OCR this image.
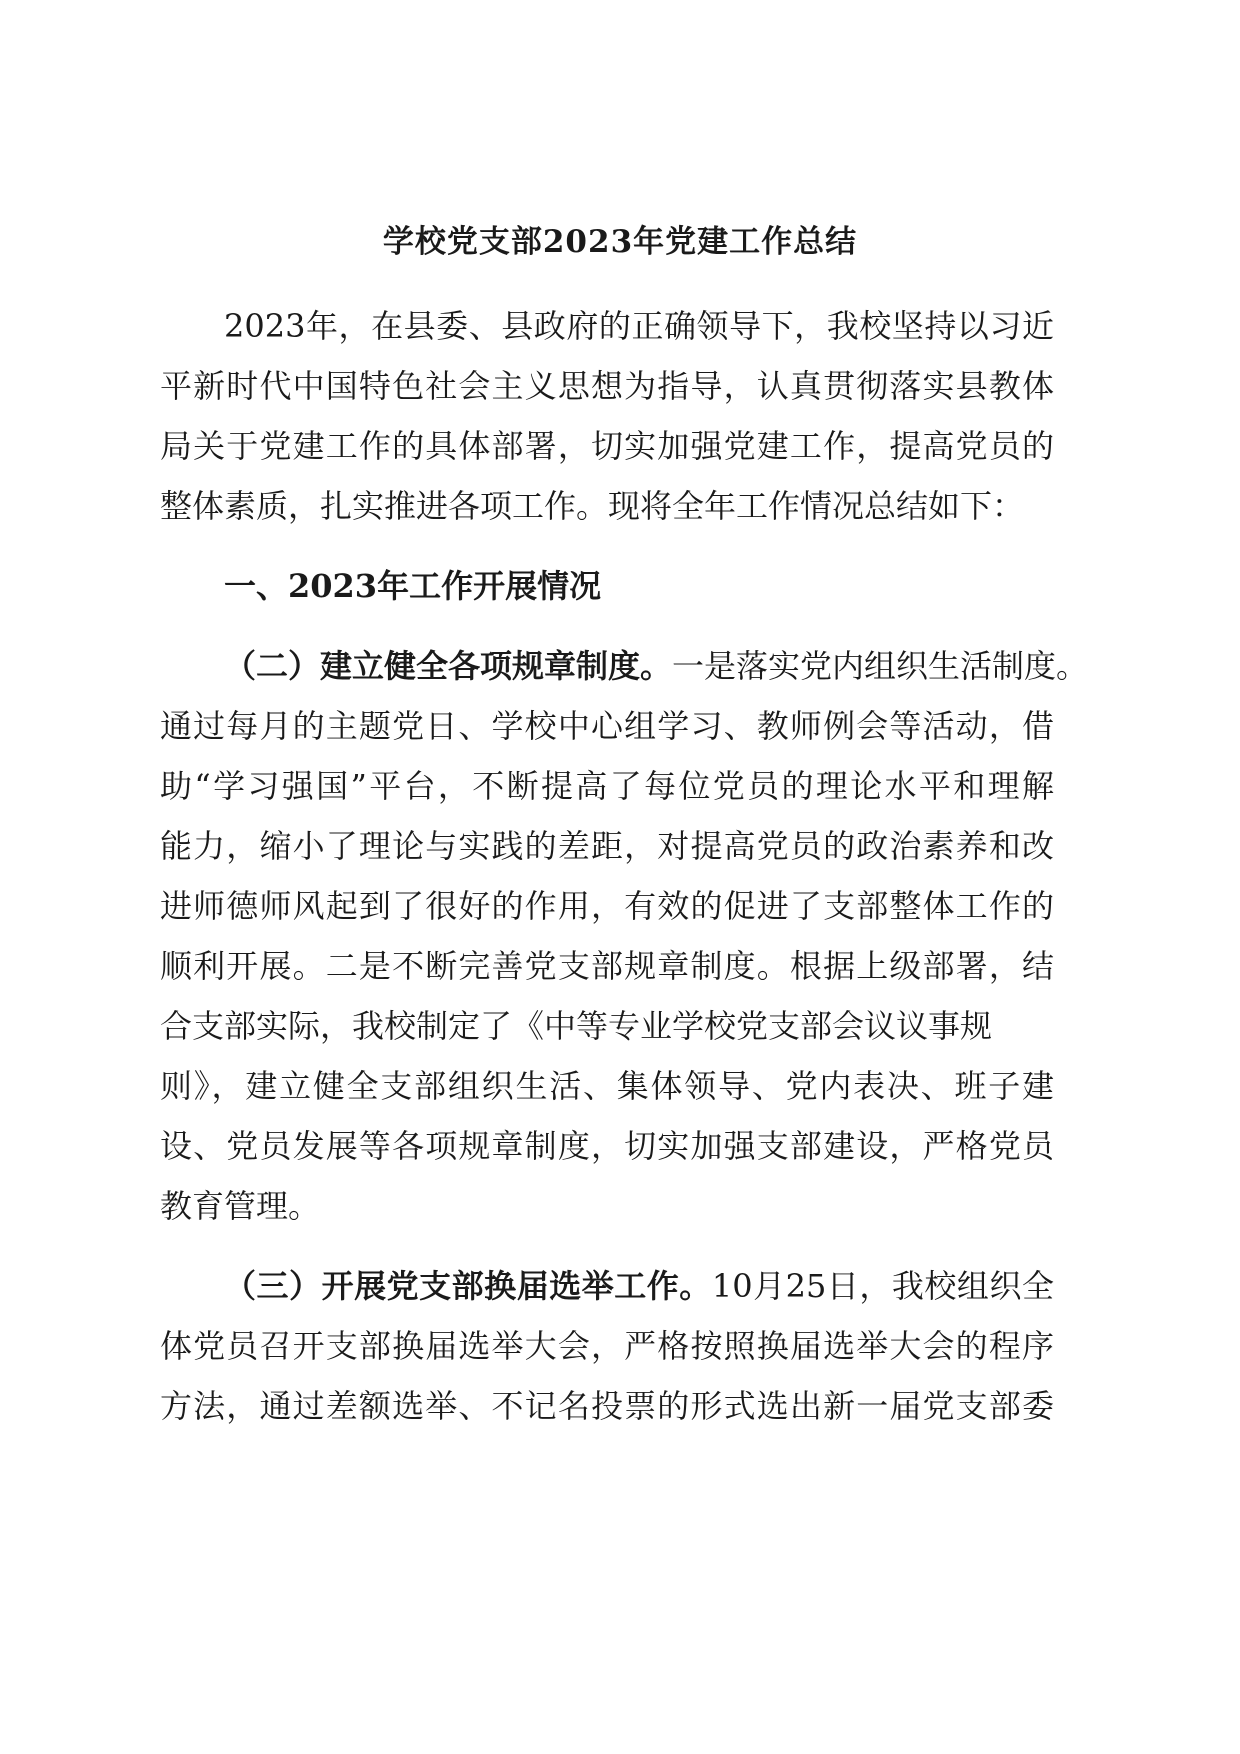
学校党支部2023年党建工作总结

2023年，在县委、县政府的正确领导下，我校坚持以习近

平新时代中国特色社会主义思想为指导，认真贯彻落实县教体

局关于党建工作的具体部署，切实加强党建工作，提高党员的

整体素质，扎实推进各项工作。现将全年工作情况总结如下：

一、2023年工作开展情况

（二）建立健全各项规章制度。一是落实党内组织生活制度。

通过每月的主题党日、学校中心组学习、教师例会等活动，借

助“学习强国”平台，不断提高了每位党员的理论水平和理解

能力，缩小了理论与实践的差距，对提高党员的政治素养和改

进师德师风起到了很好的作用，有效的促进了支部整体工作的

顺利开展。二是不断完善党支部规章制度。根据上级部署，结

合支部实际，我校制定了《中等专业学校党支部会议议事规

则》，建立健全支部组织生活、集体领导、党内表决、班子建

设、党员发展等各项规章制度，切实加强支部建设，严格党员

教育管理。

（三）开展党支部换届选举工作。10月25日，我校组织全

体党员召开支部换届选举大会，严格按照换届选举大会的程序

方法，通过差额选举、不记名投票的形式选出新一届党支部委
